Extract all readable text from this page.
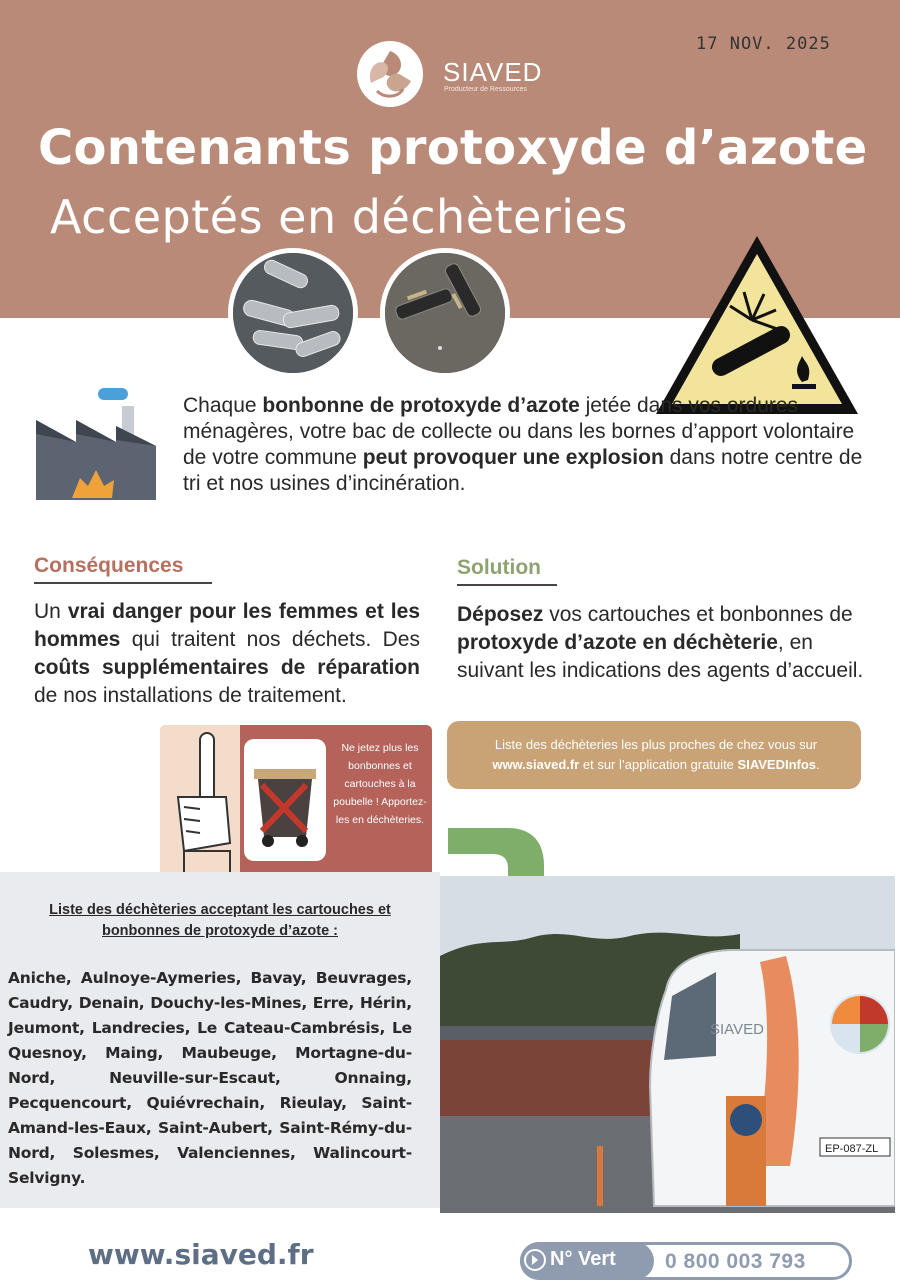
17 NOV. 2025
SIAVED
Producteur de Ressources
Contenants protoxyde d’azote
Acceptés en déchèteries
Chaque bonbonne de protoxyde d’azote jetée dans vos ordures ménagères, votre bac de collecte ou dans les bornes d’apport volontaire de votre commune peut provoquer une explosion dans notre centre de tri et nos usines d’incinération.
Conséquences
Un vrai danger pour les femmes et les hommes qui traitent nos déchets. Des coûts supplémentaires de réparation de nos installations de traitement.
Solution
Déposez vos cartouches et bonbonnes de protoxyde d’azote en déchèterie, en suivant les indications des agents d’accueil.
Liste des déchèteries les plus proches de chez vous sur www.siaved.fr et sur l’application gratuite SIAVEDInfos.
Ne jetez plus les bonbonnes et cartouches à la poubelle ! Apportez-les en déchèteries.
Liste des déchèteries acceptant les cartouches et bonbonnes de protoxyde d’azote :
Aniche, Aulnoye-Aymeries, Bavay, Beuvrages, Caudry, Denain, Douchy-les-Mines, Erre, Hérin, Jeumont, Landrecies, Le Cateau-Cambrésis, Le Quesnoy, Maing, Maubeuge, Mortagne-du-Nord, Neuville-sur-Escaut, Onnaing, Pecquencourt, Quiévrechain, Rieulay, Saint-Amand-les-Eaux, Saint-Aubert, Saint-Rémy-du-Nord, Solesmes, Valenciennes, Walincourt-Selvigny.
SIAVED
EP-087-ZL
www.siaved.fr	N° Vert 0 800 003 793
